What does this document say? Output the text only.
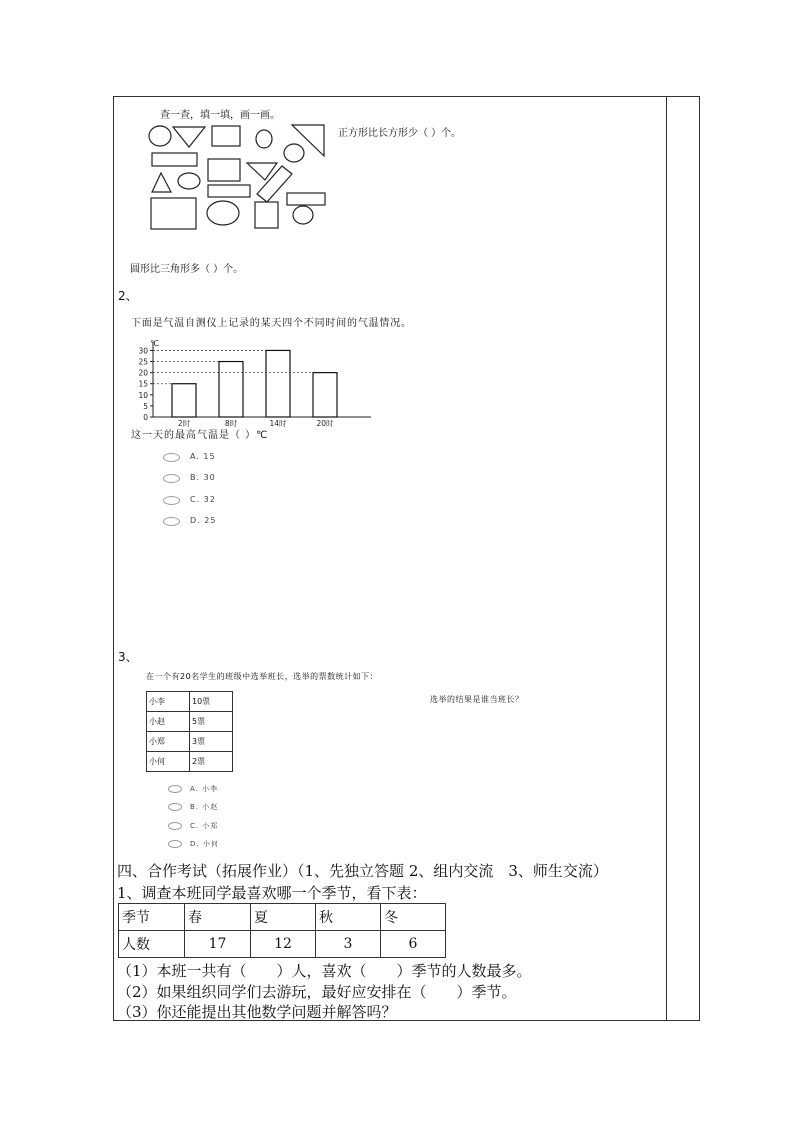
查一查，填一填，画一画。
正方形比长方形少（ ）个。
圆形比三角形多（ ）个。
2、
下面是气温自测仪上记录的某天四个不同时间的气温情况。
℃
0
5
10
15
20
25
30
2时	8时	14时	20时
这一天的最高气温是（ ）℃
A. 15
B. 30
C. 32
D. 25
3、
在一个有20名学生的班级中选举班长，选举的票数统计如下：
选举的结果是谁当班长？
小李	10票
小赵	5票
小郑	3票
小何	2票
A. 小李
B. 小赵
C. 小郑
D. 小何
四、合作考试（拓展作业）（1、先独立答题 2、组内交流　3、师生交流）
1、调查本班同学最喜欢哪一个季节，看下表：
季节	春	夏	秋	冬
人数	17	12	3	6
（1）本班一共有（　　）人，喜欢（　　）季节的人数最多。
（2）如果组织同学们去游玩，最好应安排在（　　）季节。
（3）你还能提出其他数学问题并解答吗？
